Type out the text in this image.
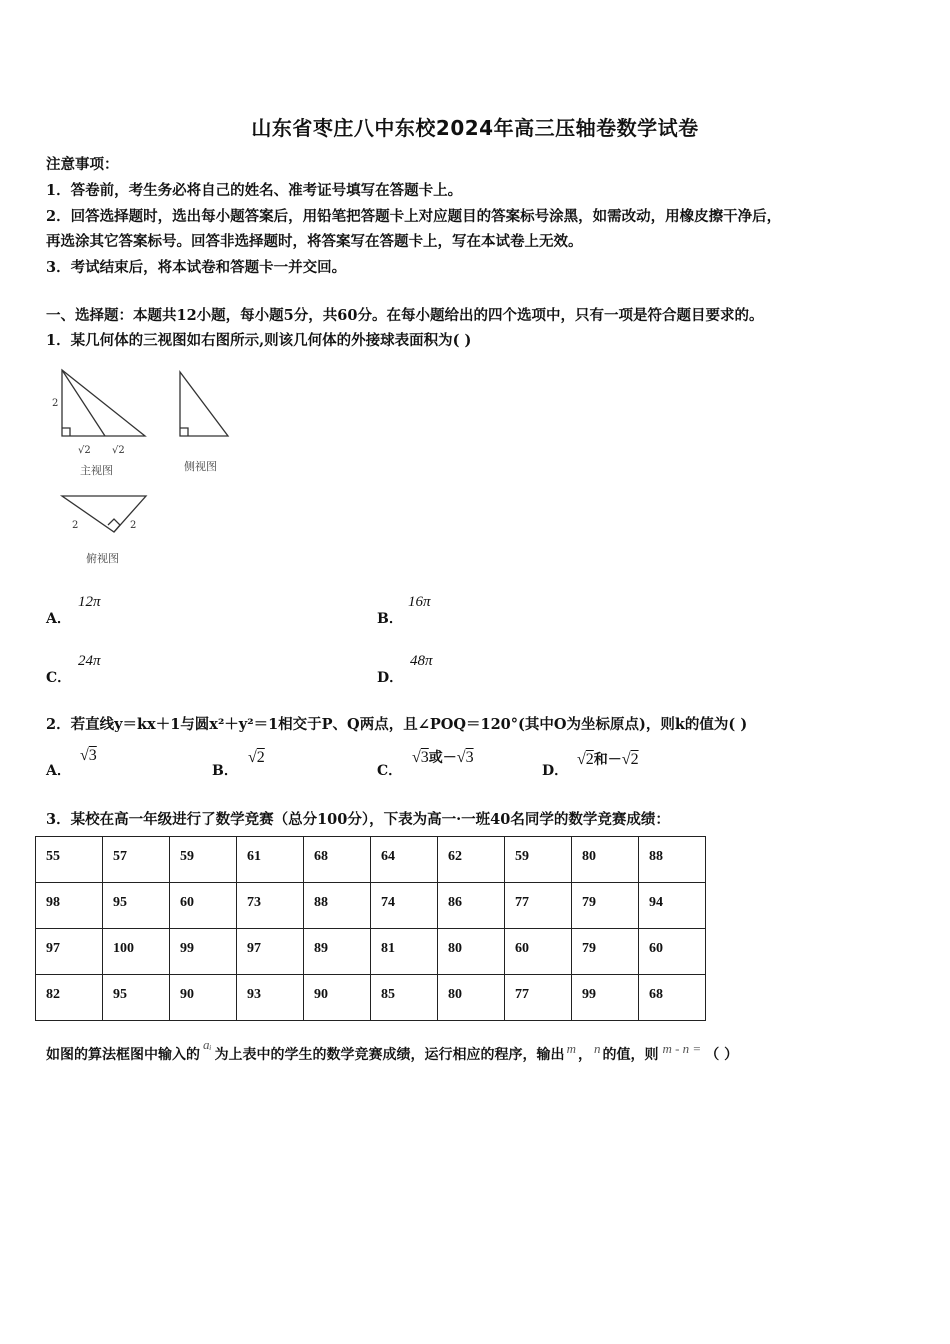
山东省枣庄八中东校2024年高三压轴卷数学试卷
注意事项：
1．答卷前，考生务必将自己的姓名、准考证号填写在答题卡上。
2．回答选择题时，选出每小题答案后，用铅笔把答题卡上对应题目的答案标号涂黑，如需改动，用橡皮擦干净后，
再选涂其它答案标号。回答非选择题时，将答案写在答题卡上，写在本试卷上无效。
3．考试结束后，将本试卷和答题卡一并交回。
一、选择题：本题共12小题，每小题5分，共60分。在每小题给出的四个选项中，只有一项是符合题目要求的。
1．某几何体的三视图如右图所示,则该几何体的外接球表面积为( )
2
√2 √2
主视图	侧视图
2	2
俯视图
A．
12π
B．
16π
C．
24π
D．
48π
2．若直线y＝kx＋1与圆x²＋y²＝1相交于P、Q两点，且∠POQ＝120°(其中O为坐标原点)，则k的值为( )
A．
√3
B．
√2
C．
√3或－√3
D．
√2和－√2
3．某校在高一年级进行了数学竞赛（总分100分），下表为高一·一班40名同学的数学竞赛成绩：
55	57	59	61	68	64	62	59	80	88
98	95	60	73	88	74	86	77	79	94
97	100	99	97	89	81	80	60	79	60
82	95	90	93	90	85	80	77	99	68
如图的算法框图中输入的aᵢ为上表中的学生的数学竞赛成绩，运行相应的程序，输出 m ， n 的值，则 m - n = （ ）
